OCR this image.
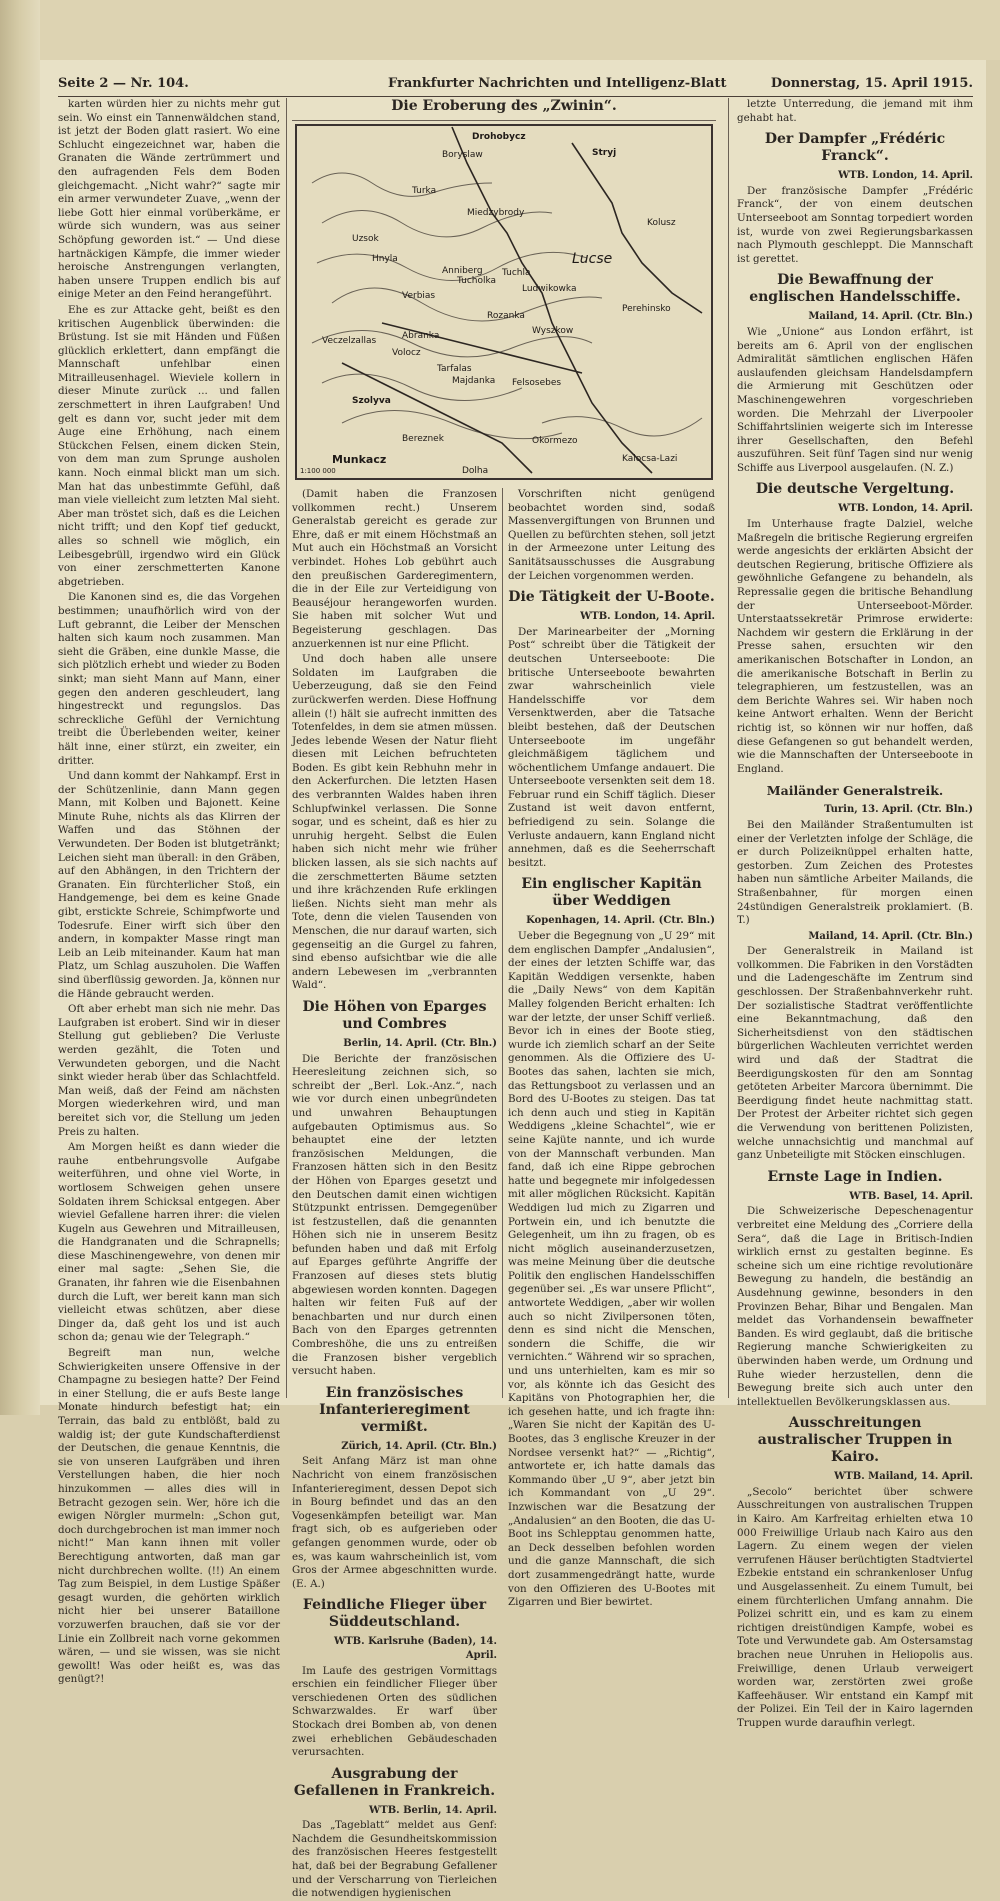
Seite 2 — Nr. 104.	Frankfurter Nachrichten und Intelligenz-Blatt	Donnerstag, 15. April 1915.

karten würden hier zu nichts mehr gut sein. Wo einst ein Tannenwäldchen stand, ist jetzt der Boden glatt rasiert. Wo eine Schlucht eingezeichnet war, haben die Granaten die Wände zertrümmert und den aufragenden Fels dem Boden gleichgemacht. „Nicht wahr?“ sagte mir ein armer verwundeter Zuave, „wenn der liebe Gott hier einmal vorüberkäme, er würde sich wundern, was aus seiner Schöpfung geworden ist.“ — Und diese hartnäckigen Kämpfe, die immer wieder heroische Anstrengungen verlangten, haben unsere Truppen endlich bis auf einige Meter an den Feind herangeführt.

Ehe es zur Attacke geht, beißt es den kritischen Augenblick überwinden: die Brüstung. Ist sie mit Händen und Füßen glücklich erklettert, dann empfängt die Mannschaft unfehlbar einen Mitrailleusenhagel. Wieviele kollern in dieser Minute zurück ... und fallen zerschmettert in ihren Laufgraben! Und gelt es dann vor, sucht jeder mit dem Auge eine Erhöhung, nach einem Stückchen Felsen, einem dicken Stein, von dem man zum Sprunge ausholen kann. Noch einmal blickt man um sich. Man hat das unbestimmte Gefühl, daß man viele vielleicht zum letzten Mal sieht. Aber man tröstet sich, daß es die Leichen nicht trifft; und den Kopf tief geduckt, alles so schnell wie möglich, ein Leibesgebrüll, irgendwo wird ein Glück von einer zerschmetterten Kanone abgetrieben.

Die Kanonen sind es, die das Vorgehen bestimmen; unaufhörlich wird von der Luft gebrannt, die Leiber der Menschen halten sich kaum noch zusammen. Man sieht die Gräben, eine dunkle Masse, die sich plötzlich erhebt und wieder zu Boden sinkt; man sieht Mann auf Mann, einer gegen den anderen geschleudert, lang hingestreckt und regungslos. Das schreckliche Gefühl der Vernichtung treibt die Überlebenden weiter, keiner hält inne, einer stürzt, ein zweiter, ein dritter.

Und dann kommt der Nahkampf. Erst in der Schützenlinie, dann Mann gegen Mann, mit Kolben und Bajonett. Keine Minute Ruhe, nichts als das Klirren der Waffen und das Stöhnen der Verwundeten. Der Boden ist blutgetränkt; Leichen sieht man überall: in den Gräben, auf den Abhängen, in den Trichtern der Granaten. Ein fürchterlicher Stoß, ein Handgemenge, bei dem es keine Gnade gibt, erstickte Schreie, Schimpfworte und Todesrufe. Einer wirft sich über den andern, in kompakter Masse ringt man Leib an Leib miteinander. Kaum hat man Platz, um Schlag auszuholen. Die Waffen sind überflüssig geworden. Ja, können nur die Hände gebraucht werden.

Oft aber erhebt man sich nie mehr. Das Laufgraben ist erobert. Sind wir in dieser Stellung gut geblieben? Die Verluste werden gezählt, die Toten und Verwundeten geborgen, und die Nacht sinkt wieder herab über das Schlachtfeld. Man weiß, daß der Feind am nächsten Morgen wiederkehren wird, und man bereitet sich vor, die Stellung um jeden Preis zu halten.

Am Morgen heißt es dann wieder die rauhe entbehrungsvolle Aufgabe weiterführen, und ohne viel Worte, in wortlosem Schweigen gehen unsere Soldaten ihrem Schicksal entgegen. Aber wieviel Gefallene harren ihrer: die vielen Kugeln aus Gewehren und Mitrailleusen, die Handgranaten und die Schrapnells; diese Maschinengewehre, von denen mir einer mal sagte: „Sehen Sie, die Granaten, ihr fahren wie die Eisenbahnen durch die Luft, wer bereit kann man sich vielleicht etwas schützen, aber diese Dinger da, daß geht los und ist auch schon da; genau wie der Telegraph.“

Begreift man nun, welche Schwierigkeiten unsere Offensive in der Champagne zu besiegen hatte? Der Feind in einer Stellung, die er aufs Beste lange Monate hindurch befestigt hat; ein Terrain, das bald zu entblößt, bald zu waldig ist; der gute Kundschafterdienst der Deutschen, die genaue Kenntnis, die sie von unseren Laufgräben und ihren Verstellungen haben, die hier noch hinzukommen — alles dies will in Betracht gezogen sein. Wer, höre ich die ewigen Nörgler murmeln: „Schon gut, doch durchgebrochen ist man immer noch nicht!“ Man kann ihnen mit voller Berechtigung antworten, daß man gar nicht durchbrechen wollte. (!!) An einem Tag zum Beispiel, in dem Lustige Späßer gesagt wurden, die gehörten wirklich nicht hier bei unserer Bataillone vorzuwerfen brauchen, daß sie vor der Linie ein Zollbreit nach vorne gekommen wären, — und sie wissen, was sie nicht gewollt! Was oder heißt es, was das genügt?!

Die Eroberung des „Zwinin“.
Drohobycz
Boryslaw	Stryj
Turka
Miedzybrody
Kolusz
Uzsok
Hnyla
Tuchla
Ludwikowka
Perehinsko
Anniberg
Tucholka
Rozanka
Verbias
Wyszkow
Veczelzallas	Abranka
Volocz
Tarfalas
Majdanka Felsosebes
Szolyva
Bereznek
Munkacz
Okormezo
Dolha
Kalocsa-Lazi
Lucse
1:100 000

(Damit haben die Franzosen vollkommen recht.) Unserem Generalstab gereicht es gerade zur Ehre, daß er mit einem Höchstmaß an Mut auch ein Höchstmaß an Vorsicht verbindet. Hohes Lob gebührt auch den preußischen Garderegimentern, die in der Eile zur Verteidigung von Beauséjour herangeworfen wurden. Sie haben mit solcher Wut und Begeisterung geschlagen. Das anzuerkennen ist nur eine Pflicht.

Und doch haben alle unsere Soldaten im Laufgraben die Ueberzeugung, daß sie den Feind zurückwerfen werden. Diese Hoffnung allein (!) hält sie aufrecht inmitten des Totenfeldes, in dem sie atmen müssen. Jedes lebende Wesen der Natur flieht diesen mit Leichen befruchteten Boden. Es gibt kein Rebhuhn mehr in den Ackerfurchen. Die letzten Hasen des verbrannten Waldes haben ihren Schlupfwinkel verlassen. Die Sonne sogar, und es scheint, daß es hier zu unruhig hergeht. Selbst die Eulen haben sich nicht mehr wie früher blicken lassen, als sie sich nachts auf die zerschmetterten Bäume setzten und ihre krächzenden Rufe erklingen ließen. Nichts sieht man mehr als Tote, denn die vielen Tausenden von Menschen, die nur darauf warten, sich gegenseitig an die Gurgel zu fahren, sind ebenso aufsichtbar wie die alle andern Lebewesen im „verbrannten Wald“.

Die Höhen von Eparges und Combres

Berlin, 14. April. (Ctr. Bln.)

Die Berichte der französischen Heeresleitung zeichnen sich, so schreibt der „Berl. Lok.-Anz.“, nach wie vor durch einen unbegründeten und unwahren Behauptungen aufgebauten Optimismus aus. So behauptet eine der letzten französischen Meldungen, die Franzosen hätten sich in den Besitz der Höhen von Eparges gesetzt und den Deutschen damit einen wichtigen Stützpunkt entrissen. Demgegenüber ist festzustellen, daß die genannten Höhen sich nie in unserem Besitz befunden haben und daß mit Erfolg auf Eparges geführte Angriffe der Franzosen auf dieses stets blutig abgewiesen worden konnten. Dagegen halten wir feiten Fuß auf der benachbarten und nur durch einen Bach von den Eparges getrennten Combreshöhe, die uns zu entreißen die Franzosen bisher vergeblich versucht haben.

Ein französisches Infanterieregiment vermißt.

Zürich, 14. April. (Ctr. Bln.)

Seit Anfang März ist man ohne Nachricht von einem französischen Infanterieregiment, dessen Depot sich in Bourg befindet und das an den Vogesenkämpfen beteiligt war. Man fragt sich, ob es aufgerieben oder gefangen genommen wurde, oder ob es, was kaum wahrscheinlich ist, vom Gros der Armee abgeschnitten wurde. (E. A.)

Feindliche Flieger über Süddeutschland.

WTB. Karlsruhe (Baden), 14. April.

Im Laufe des gestrigen Vormittags erschien ein feindlicher Flieger über verschiedenen Orten des südlichen Schwarzwaldes. Er warf über Stockach drei Bomben ab, von denen zwei erheblichen Gebäudeschaden verursachten.

Ausgrabung der Gefallenen in Frankreich.

WTB. Berlin, 14. April.

Das „Tageblatt“ meldet aus Genf: Nachdem die Gesundheitskommission des französischen Heeres festgestellt hat, daß bei der Begrabung Gefallener und der Verscharrung von Tierleichen die notwendigen hygienischen

Vorschriften nicht genügend beobachtet worden sind, sodaß Massenvergiftungen von Brunnen und Quellen zu befürchten stehen, soll jetzt in der Armeezone unter Leitung des Sanitätsausschusses die Ausgrabung der Leichen vorgenommen werden.

Die Tätigkeit der U-Boote.

WTB. London, 14. April.

Der Marinearbeiter der „Morning Post“ schreibt über die Tätigkeit der deutschen Unterseeboote: Die britische Unterseeboote bewahrten zwar wahrscheinlich viele Handelsschiffe vor dem Versenktwerden, aber die Tatsache bleibt bestehen, daß der Deutschen Unterseeboote im ungefähr gleichmäßigem täglichem und wöchentlichem Umfange andauert. Die Unterseeboote versenkten seit dem 18. Februar rund ein Schiff täglich. Dieser Zustand ist weit davon entfernt, befriedigend zu sein. Solange die Verluste andauern, kann England nicht annehmen, daß es die Seeherrschaft besitzt.

Ein englischer Kapitän über Weddigen

Kopenhagen, 14. April. (Ctr. Bln.)

Ueber die Begegnung von „U 29“ mit dem englischen Dampfer „Andalusien“, der eines der letzten Schiffe war, das Kapitän Weddigen versenkte, haben die „Daily News“ von dem Kapitän Malley folgenden Bericht erhalten: Ich war der letzte, der unser Schiff verließ. Bevor ich in eines der Boote stieg, wurde ich ziemlich scharf an der Seite genommen. Als die Offiziere des U-Bootes das sahen, lachten sie mich, das Rettungsboot zu verlassen und an Bord des U-Bootes zu steigen. Das tat ich denn auch und stieg in Kapitän Weddigens „kleine Schachtel“, wie er seine Kajüte nannte, und ich wurde von der Mannschaft verbunden. Man fand, daß ich eine Rippe gebrochen hatte und begegnete mir infolgedessen mit aller möglichen Rücksicht. Kapitän Weddigen lud mich zu Zigarren und Portwein ein, und ich benutzte die Gelegenheit, um ihn zu fragen, ob es nicht möglich auseinanderzusetzen, was meine Meinung über die deutsche Politik den englischen Handelsschiffen gegenüber sei. „Es war unsere Pflicht“, antwortete Weddigen, „aber wir wollen auch so nicht Zivilpersonen töten, denn es sind nicht die Menschen, sondern die Schiffe, die wir vernichten.“ Während wir so sprachen, und uns unterhielten, kam es mir so vor, als könnte ich das Gesicht des Kapitäns von Photographien her, die ich gesehen hatte, und ich fragte ihn: „Waren Sie nicht der Kapitän des U-Bootes, das 3 englische Kreuzer in der Nordsee versenkt hat?“ — „Richtig“, antwortete er, ich hatte damals das Kommando über „U 9“, aber jetzt bin ich Kommandant von „U 29“. Inzwischen war die Besatzung der „Andalusien“ an den Booten, die das U-Boot ins Schlepptau genommen hatte, an Deck desselben befohlen worden und die ganze Mannschaft, die sich dort zusammengedrängt hatte, wurde von den Offizieren des U-Bootes mit Zigarren und Bier bewirtet.

letzte Unterredung, die jemand mit ihm gehabt hat.

Der Dampfer „Frédéric Franck“.

WTB. London, 14. April.

Der französische Dampfer „Frédéric Franck“, der von einem deutschen Unterseeboot am Sonntag torpediert worden ist, wurde von zwei Regierungsbarkassen nach Plymouth geschleppt. Die Mannschaft ist gerettet.

Die Bewaffnung der englischen Handelsschiffe.

Mailand, 14. April. (Ctr. Bln.)

Wie „Unione“ aus London erfährt, ist bereits am 6. April von der englischen Admiralität sämtlichen englischen Häfen auslaufenden gleichsam Handelsdampfern die Armierung mit Geschützen oder Maschinengewehren vorgeschrieben worden. Die Mehrzahl der Liverpooler Schiffahrtslinien weigerte sich im Interesse ihrer Gesellschaften, den Befehl auszuführen. Seit fünf Tagen sind nur wenig Schiffe aus Liverpool ausgelaufen. (N. Z.)

Die deutsche Vergeltung.

WTB. London, 14. April.

Im Unterhause fragte Dalziel, welche Maßregeln die britische Regierung ergreifen werde angesichts der erklärten Absicht der deutschen Regierung, britische Offiziere als gewöhnliche Gefangene zu behandeln, als Repressalie gegen die britische Behandlung der Unterseeboot-Mörder. Unterstaatssekretär Primrose erwiderte: Nachdem wir gestern die Erklärung in der Presse sahen, ersuchten wir den amerikanischen Botschafter in London, an die amerikanische Botschaft in Berlin zu telegraphieren, um festzustellen, was an dem Berichte Wahres sei. Wir haben noch keine Antwort erhalten. Wenn der Bericht richtig ist, so können wir nur hoffen, daß diese Gefangenen so gut behandelt werden, wie die Mannschaften der Unterseeboote in England.

Mailänder Generalstreik.

Turin, 13. April. (Ctr. Bln.)

Bei den Mailänder Straßentumulten ist einer der Verletzten infolge der Schläge, die er durch Polizeiknüppel erhalten hatte, gestorben. Zum Zeichen des Protestes haben nun sämtliche Arbeiter Mailands, die Straßenbahner, für morgen einen 24stündigen Generalstreik proklamiert. (B. T.)

Mailand, 14. April. (Ctr. Bln.)

Der Generalstreik in Mailand ist vollkommen. Die Fabriken in den Vorstädten und die Ladengeschäfte im Zentrum sind geschlossen. Der Straßenbahnverkehr ruht. Der sozialistische Stadtrat veröffentlichte eine Bekanntmachung, daß den Sicherheitsdienst von den städtischen bürgerlichen Wachleuten verrichtet werden wird und daß der Stadtrat die Beerdigungskosten für den am Sonntag getöteten Arbeiter Marcora übernimmt. Die Beerdigung findet heute nachmittag statt. Der Protest der Arbeiter richtet sich gegen die Verwendung von berittenen Polizisten, welche unnachsichtig und manchmal auf ganz Unbeteiligte mit Stöcken einschlugen.

Ernste Lage in Indien.

WTB. Basel, 14. April.

Die Schweizerische Depeschenagentur verbreitet eine Meldung des „Corriere della Sera“, daß die Lage in Britisch-Indien wirklich ernst zu gestalten beginne. Es scheine sich um eine richtige revolutionäre Bewegung zu handeln, die beständig an Ausdehnung gewinne, besonders in den Provinzen Behar, Bihar und Bengalen. Man meldet das Vorhandensein bewaffneter Banden. Es wird geglaubt, daß die britische Regierung manche Schwierigkeiten zu überwinden haben werde, um Ordnung und Ruhe wieder herzustellen, denn die Bewegung breite sich auch unter den intellektuellen Bevölkerungsklassen aus.

Ausschreitungen australischer Truppen in Kairo.

WTB. Mailand, 14. April.

„Secolo“ berichtet über schwere Ausschreitungen von australischen Truppen in Kairo. Am Karfreitag erhielten etwa 10 000 Freiwillige Urlaub nach Kairo aus den Lagern. Zu einem wegen der vielen verrufenen Häuser berüchtigten Stadtviertel Ezbekie entstand ein schrankenloser Unfug und Ausgelassenheit. Zu einem Tumult, bei einem fürchterlichen Umfang annahm. Die Polizei schritt ein, und es kam zu einem richtigen dreistündigen Kampfe, wobei es Tote und Verwundete gab. Am Ostersamstag brachen neue Unruhen in Heliopolis aus. Freiwillige, denen Urlaub verweigert worden war, zerstörten zwei große Kaffeehäuser. Wir entstand ein Kampf mit der Polizei. Ein Teil der in Kairo lagernden Truppen wurde daraufhin verlegt.
